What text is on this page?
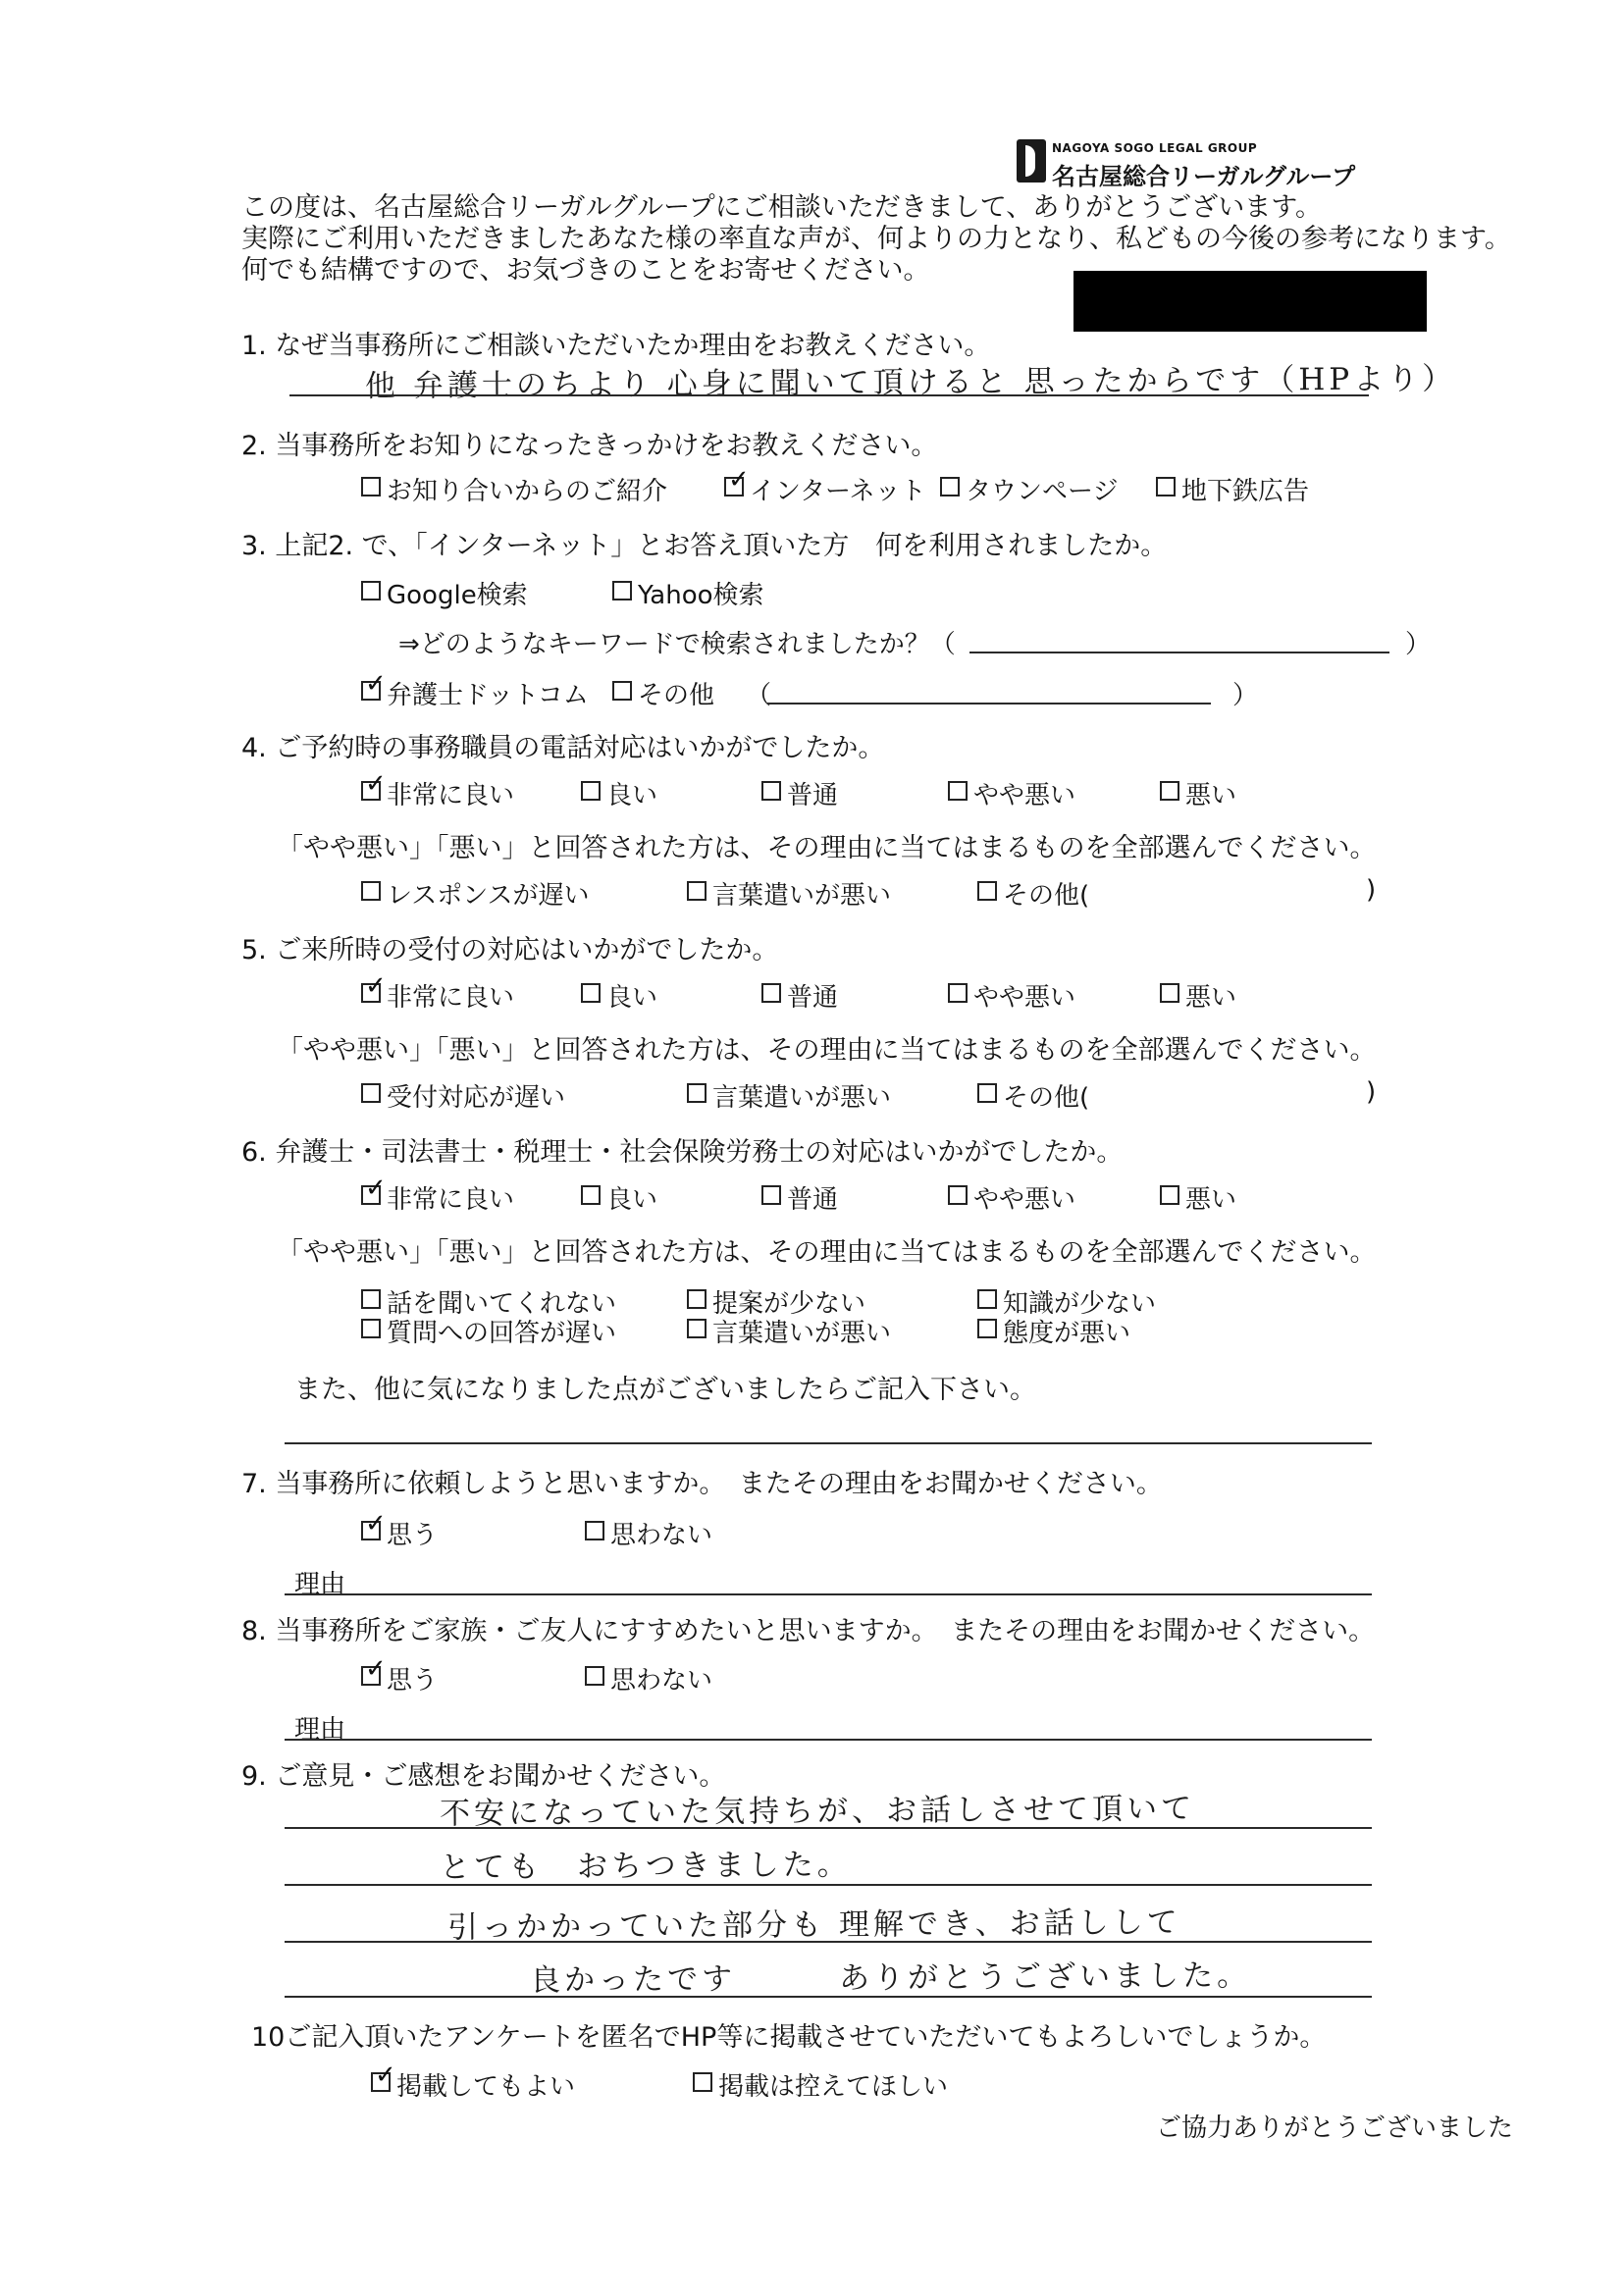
NAGOYA SOGO LEGAL GROUP
名古屋総合リーガルグループ
この度は、名古屋総合リーガルグループにご相談いただきまして、ありがとうございます。
実際にご利用いただきましたあなた様の率直な声が、何よりの力となり、私どもの今後の参考になります。
何でも結構ですので、お気づきのことをお寄せください。
1. なぜ当事務所にご相談いただいたか理由をお教えください。
他 弁護士のちより 心身に聞いて頂けると 思ったからです（HPより）
2. 当事務所をお知りになったきっかけをお教えください。
お知り合いからのご紹介 ✓ インターネット タウンページ 地下鉄広告
3. 上記2. で、「インターネット」とお答え頂いた方　何を利用されましたか。
Google検索	Yahoo検索
⇒どのようなキーワードで検索されましたか？（	）
✓ 弁護士ドットコム その他 （	）
4. ご予約時の事務職員の電話対応はいかがでしたか。
✓ 非常に良い	良い	普通	やや悪い	悪い
「やや悪い」「悪い」と回答された方は、その理由に当てはまるものを全部選んでください。
レスポンスが遅い	言葉遣いが悪い	その他(	)
5. ご来所時の受付の対応はいかがでしたか。
✓ 非常に良い	良い	普通	やや悪い	悪い
「やや悪い」「悪い」と回答された方は、その理由に当てはまるものを全部選んでください。
受付対応が遅い	言葉遣いが悪い	その他(	)
6. 弁護士・司法書士・税理士・社会保険労務士の対応はいかがでしたか。
✓ 非常に良い	良い	普通	やや悪い	悪い
「やや悪い」「悪い」と回答された方は、その理由に当てはまるものを全部選んでください。
話を聞いてくれない	提案が少ない	知識が少ない
質問への回答が遅い	言葉遣いが悪い	態度が悪い
また、他に気になりました点がございましたらご記入下さい。
7. 当事務所に依頼しようと思いますか。　またその理由をお聞かせください。
✓ 思う	思わない
理由
8. 当事務所をご家族・ご友人にすすめたいと思いますか。　またその理由をお聞かせください。
✓ 思う	思わない
理由
9. ご意見・ご感想をお聞かせください。
不安になっていた気持ちが、お話しさせて頂いて
とても　おちつきました。
引っかかっていた部分も 理解でき、お話しして
良かったです　　　ありがとうございました。
10ご記入頂いたアンケートを匿名でHP等に掲載させていただいてもよろしいでしょうか。
✓ 掲載してもよい	掲載は控えてほしい
ご協力ありがとうございました
